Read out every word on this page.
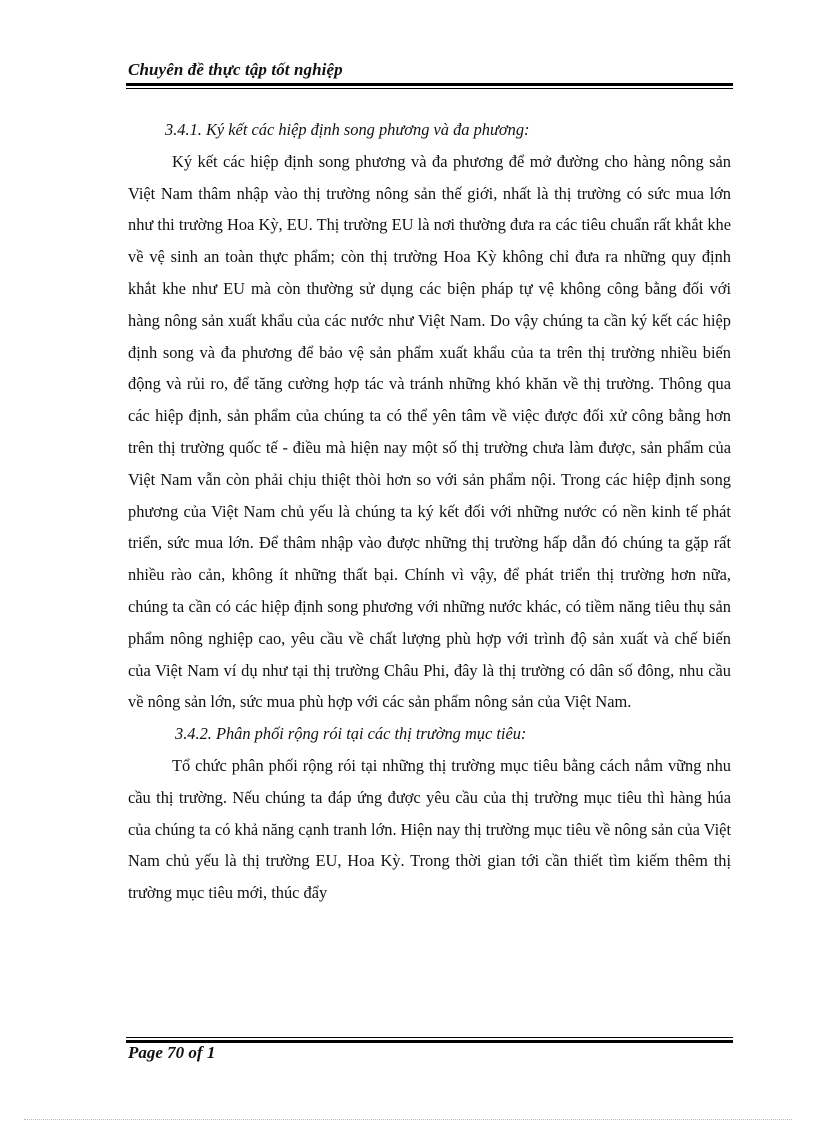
Chuyên đề thực tập tốt nghiệp

3.4.1. Ký kết các hiệp định song phương và đa phương:

Ký kết các hiệp định song phương và đa phương để mở đường cho hàng nông sản Việt Nam thâm nhập vào thị trường nông sản thế giới, nhất là thị trường có sức mua lớn như thi trường Hoa Kỳ, EU. Thị trường EU là nơi thường đưa ra các tiêu chuẩn rất khắt khe về vệ sinh an toàn thực phẩm; còn thị trường Hoa Kỳ không chỉ đưa ra những quy định khắt khe như EU mà còn thường sử dụng các biện pháp tự vệ không công bằng đối với hàng nông sản xuất khẩu của các nước như Việt Nam. Do vậy chúng ta cần ký kết các hiệp định song và đa phương để bảo vệ sản phẩm xuất khẩu của ta trên thị trường nhiều biến động và rủi ro, để tăng cường hợp tác và tránh những khó khăn về thị trường. Thông qua các hiệp định, sản phẩm của chúng ta có thể yên tâm về việc được đối xử công bằng hơn trên thị trường quốc tế - điều mà hiện nay một số thị trường chưa làm được, sản phẩm của Việt Nam vẫn còn phải chịu thiệt thòi hơn so với sản phẩm nội. Trong các hiệp định song phương của Việt Nam chủ yếu là chúng ta ký kết đối với những nước có nền kinh tế phát triển, sức mua lớn. Để thâm nhập vào được những thị trường hấp dẫn đó chúng ta gặp rất nhiều rào cản, không ít những thất bại. Chính vì vậy, để phát triển thị trường hơn nữa, chúng ta cần có các hiệp định song phương với những nước khác, có tiềm năng tiêu thụ sản phẩm nông nghiệp cao, yêu cầu về chất lượng phù hợp với trình độ sản xuất và chế biến của Việt Nam ví dụ như tại thị trường Châu Phi, đây là thị trường có dân số đông, nhu cầu về nông sản lớn, sức mua phù hợp với các sản phẩm nông sản của Việt Nam.

3.4.2. Phân phối rộng rói tại các thị trường mục tiêu:

Tổ chức phân phối rộng rói tại những thị trường mục tiêu bằng cách nắm vững nhu cầu thị trường. Nếu chúng ta đáp ứng được yêu cầu của thị trường mục tiêu thì hàng húa của chúng ta có khả năng cạnh tranh lớn. Hiện nay thị trường mục tiêu về nông sản của Việt Nam chủ yếu là thị trường EU, Hoa Kỳ. Trong thời gian tới cần thiết tìm kiếm thêm thị trường mục tiêu mới, thúc đẩy

Page 70 of 1
